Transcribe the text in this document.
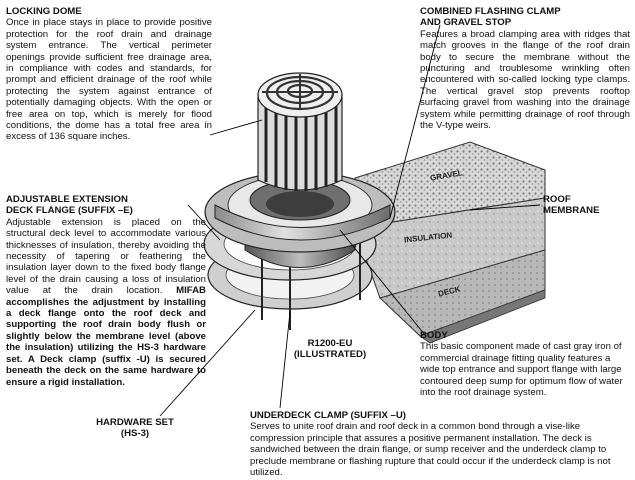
LOCKING DOME
Once in place stays in place to provide positive protection for the roof drain and drainage system entrance. The vertical perimeter openings provide sufficient free drainage area, in compliance with codes and standards, for prompt and efficient drainage of the roof while protecting the system against entrance of potentially damaging objects. With the open or free area on top, which is merely for flood conditions, the dome has a total free area in excess of 136 square inches.
COMBINED FLASHING CLAMP
AND GRAVEL STOP
Features a broad clamping area with ridges that match grooves in the flange of the roof drain body to secure the membrane without the puncturing and troublesome wrinkling often encountered with so-called locking type clamps. The vertical gravel stop prevents rooftop surfacing gravel from washing into the drainage system while permitting drainage of roof through the V-type weirs.
ADJUSTABLE EXTENSION
DECK FLANGE (SUFFIX –E)
Adjustable extension is placed on the structural deck level to accommodate various thicknesses of insulation, thereby avoiding the necessity of tapering or feathering the insulation layer down to the fixed body flange level of the drain causing a loss of insulation value at the drain location. MIFAB accomplishes the adjustment by installing a deck flange onto the roof deck and supporting the roof drain body flush or slightly below the membrane level (above the insulation) utilizing the HS-3 hardware set. A Deck clamp (suffix -U) is secured beneath the deck on the same hardware to ensure a rigid installation.
GRAVEL
INSULATION
DECK
ROOF
MEMBRANE
R1200-EU
(ILLUSTRATED)
BODY
This basic component made of cast gray iron of commercial drainage fitting quality features a wide top entrance and support flange with large contoured deep sump for optimum flow of water into the roof drainage system.
UNDERDECK CLAMP (SUFFIX –U)
Serves to unite roof drain and roof deck in a common bond through a vise-like compression principle that assures a positive permanent installation. The deck is sandwiched between the drain flange, or sump receiver and the underdeck clamp to preclude membrane or flashing rupture that could occur if the underdeck clamp is not utilized.
HARDWARE SET
(HS-3)
